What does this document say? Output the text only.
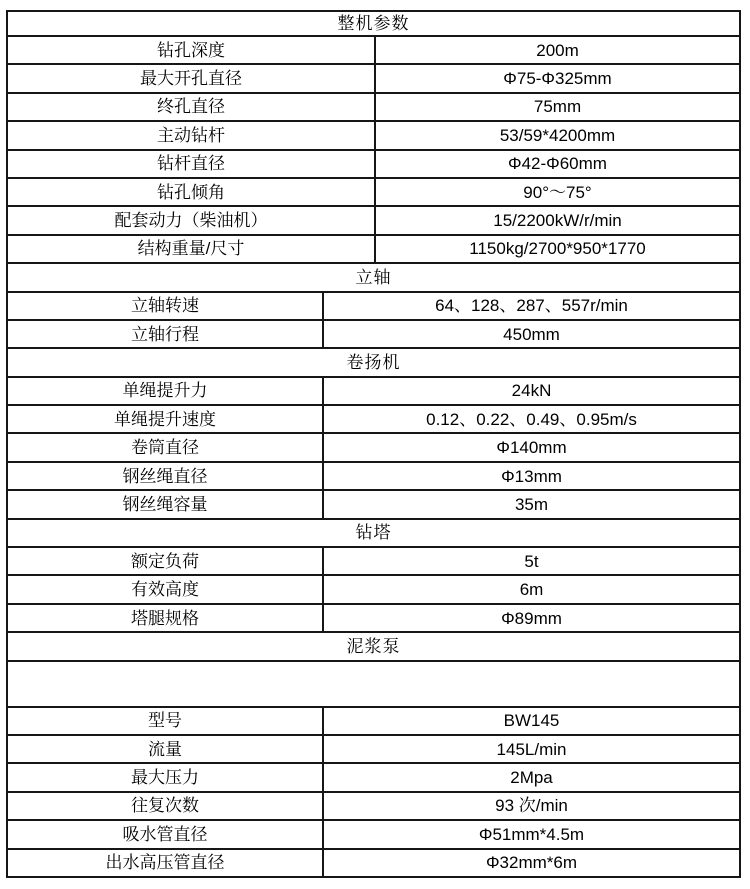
整机参数
钻孔深度	200m
最大开孔直径	Φ75-Φ325mm
终孔直径	75mm
主动钻杆	53/59*4200mm
钻杆直径	Φ42-Φ60mm
钻孔倾角	90°～75°
配套动力（柴油机）	15/2200kW/r/min
结构重量/尺寸	1150kg/2700*950*1770
立轴
立轴转速	64、128、287、557r/min
立轴行程	450mm
卷扬机
单绳提升力	24kN
单绳提升速度	0.12、0.22、0.49、0.95m/s
卷筒直径	Φ140mm
钢丝绳直径	Φ13mm
钢丝绳容量	35m
钻塔
额定负荷	5t
有效高度	6m
塔腿规格	Φ89mm
泥浆泵
型号	BW145
流量	145L/min
最大压力	2Mpa
往复次数	93 次/min
吸水管直径	Φ51mm*4.5m
出水高压管直径	Φ32mm*6m
